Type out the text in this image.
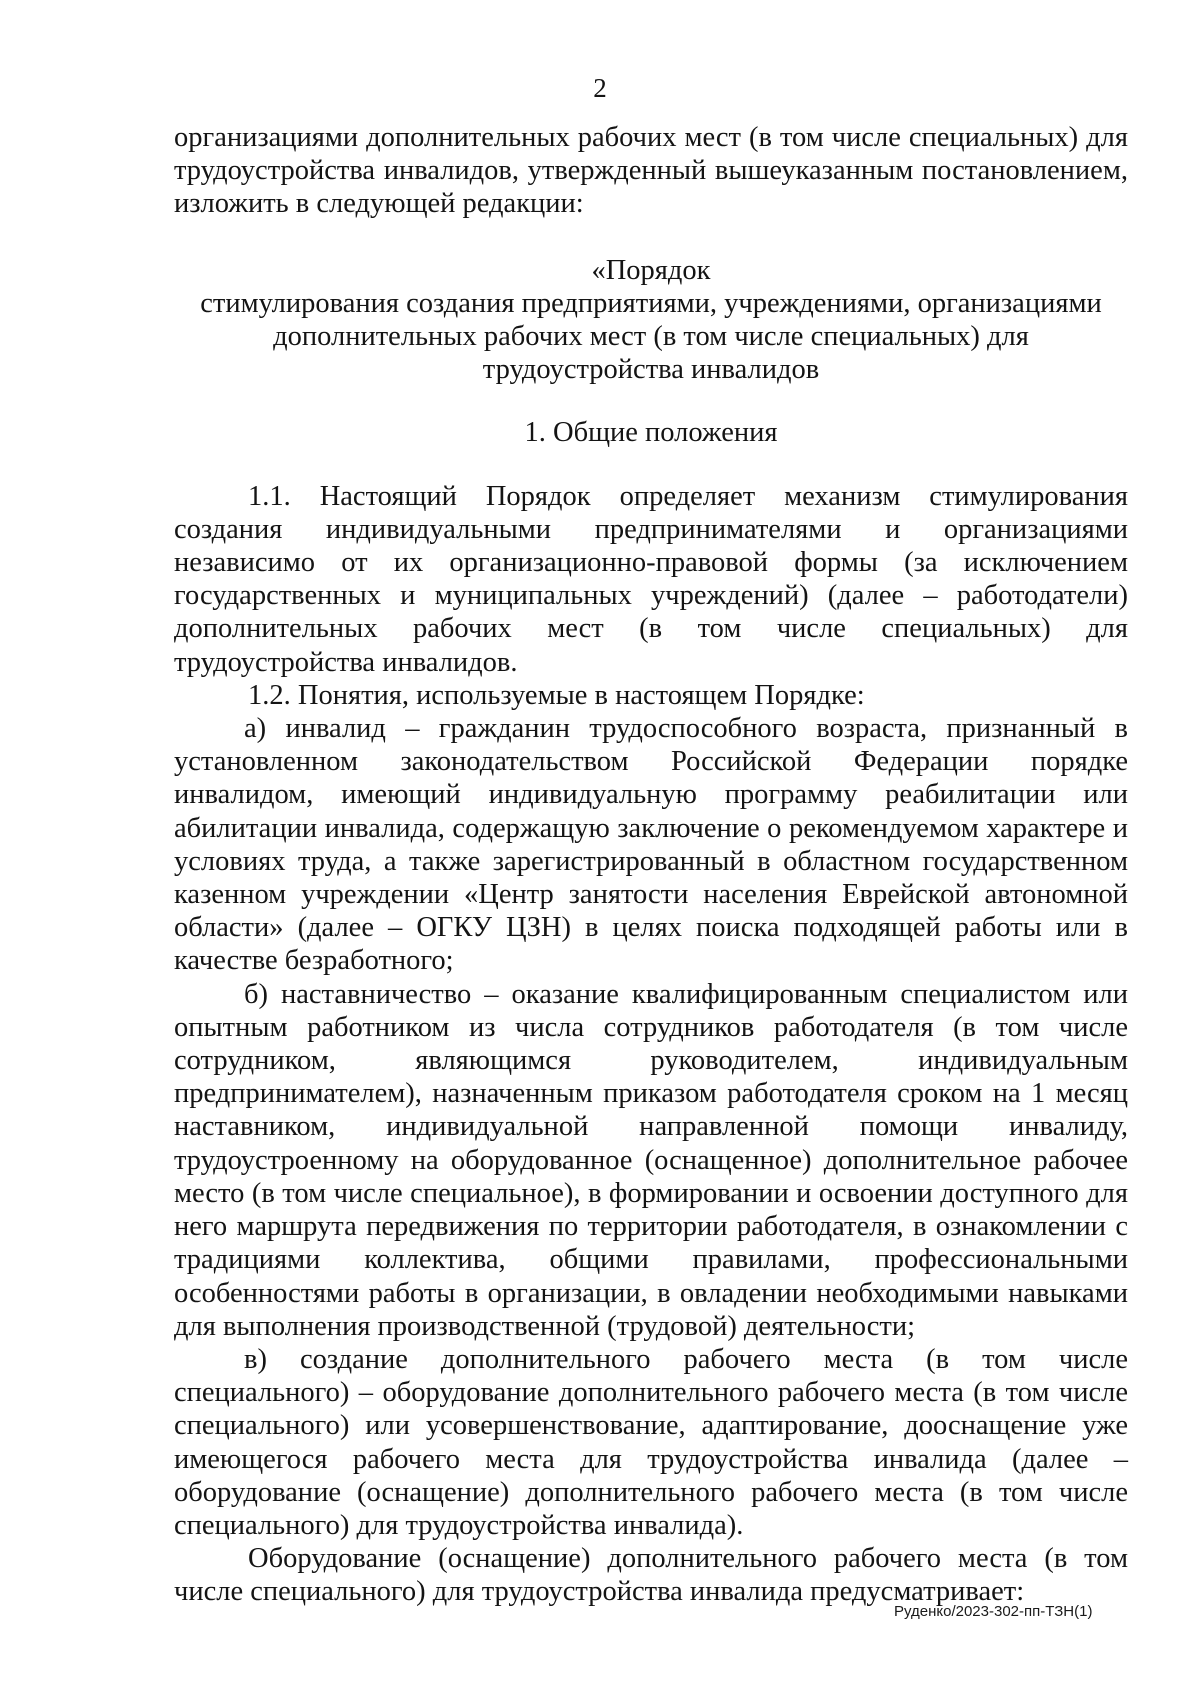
2

организациями дополнительных рабочих мест (в том числе специальных) для трудоустройства инвалидов, утвержденный вышеуказанным постановлением, изложить в следующей редакции:

«Порядок

стимулирования создания предприятиями, учреждениями, организациями

дополнительных рабочих мест (в том числе специальных) для

трудоустройства инвалидов

1. Общие положения

1.1. Настоящий Порядок определяет механизм стимулирования создания индивидуальными предпринимателями и организациями независимо от их организационно-правовой формы (за исключением государственных и муниципальных учреждений) (далее – работодатели) дополнительных рабочих мест (в том числе специальных) для трудоустройства инвалидов.

1.2. Понятия, используемые в настоящем Порядке:

а) инвалид – гражданин трудоспособного возраста, признанный в установленном законодательством Российской Федерации порядке инвалидом, имеющий индивидуальную программу реабилитации или абилитации инвалида, содержащую заключение о рекомендуемом характере и условиях труда, а также зарегистрированный в областном государственном казенном учреждении «Центр занятости населения Еврейской автономной области» (далее – ОГКУ ЦЗН) в целях поиска подходящей работы или в качестве безработного;

б) наставничество – оказание квалифицированным специалистом или опытным работником из числа сотрудников работодателя (в том числе сотрудником, являющимся руководителем, индивидуальным предпринимателем), назначенным приказом работодателя сроком на 1 месяц наставником, индивидуальной направленной помощи инвалиду, трудоустроенному на оборудованное (оснащенное) дополнительное рабочее место (в том числе специальное), в формировании и освоении доступного для него маршрута передвижения по территории работодателя, в ознакомлении с традициями коллектива, общими правилами, профессиональными особенностями работы в организации, в овладении необходимыми навыками для выполнения производственной (трудовой) деятельности;

в) создание дополнительного рабочего места (в том числе специального) – оборудование дополнительного рабочего места (в том числе специального) или усовершенствование, адаптирование, дооснащение уже имеющегося рабочего места для трудоустройства инвалида (далее – оборудование (оснащение) дополнительного рабочего места (в том числе специального) для трудоустройства инвалида).

Оборудование (оснащение) дополнительного рабочего места (в том числе специального) для трудоустройства инвалида предусматривает:

Руденко/2023-302-пп-ТЗН(1)
